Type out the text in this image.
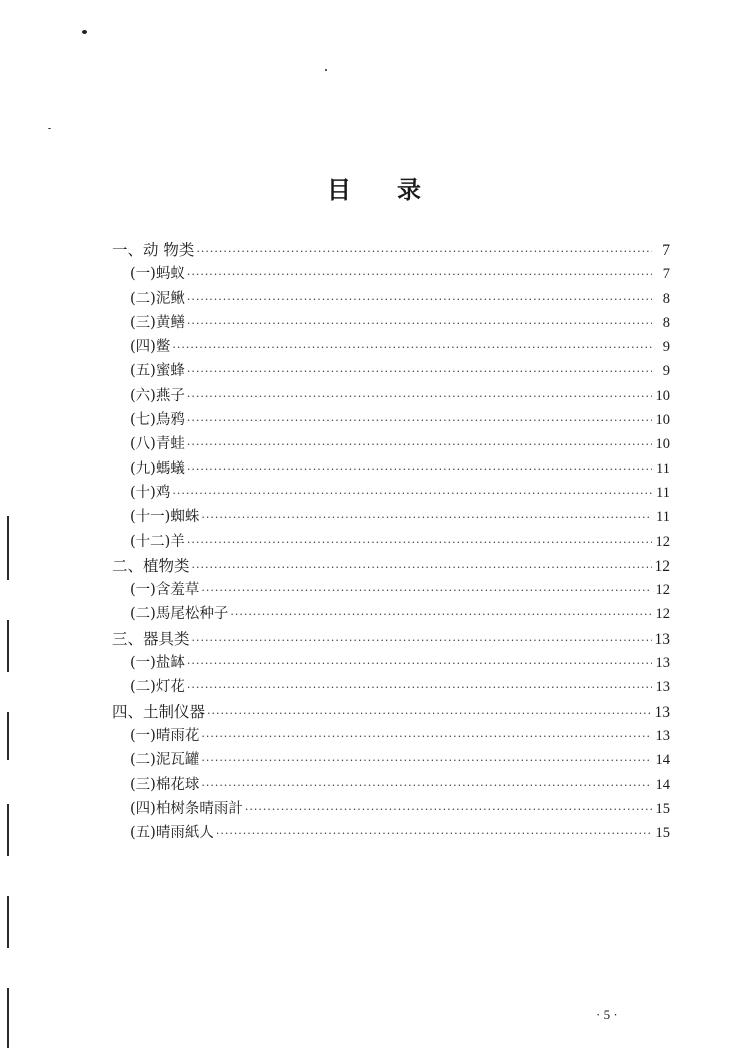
目 录
一、动 物类 ·····	7
(一)蚂蚁 ·····	7
(二)泥鳅 ·····	8
(三)黄鳝 ·····	8
(四)鳖 ·····	9
(五)蜜蜂 ·····	9
(六)燕子 ·····	10
(七)鳥鸦 ·····	10
(八)青蛙 ·····	10
(九)螞蟻 ·····	11
(十)鸡 ·····	11
(十一)蜘蛛 ·····	11
(十二)羊 ·····	12
二、植物类 ·····	12
(一)含羞草 ·····	12
(二)馬尾松种子 ·····	12
三、器具类 ·····	13
(一)盐缽 ·····	13
(二)灯花 ·····	13
四、土制仪器 ·····	13
(一)晴雨花 ·····	13
(二)泥瓦罐 ·····	14
(三)棉花球 ·····	14
(四)柏树条晴雨計 ·····	15
(五)晴雨紙人 ·····	15
· 5 ·
